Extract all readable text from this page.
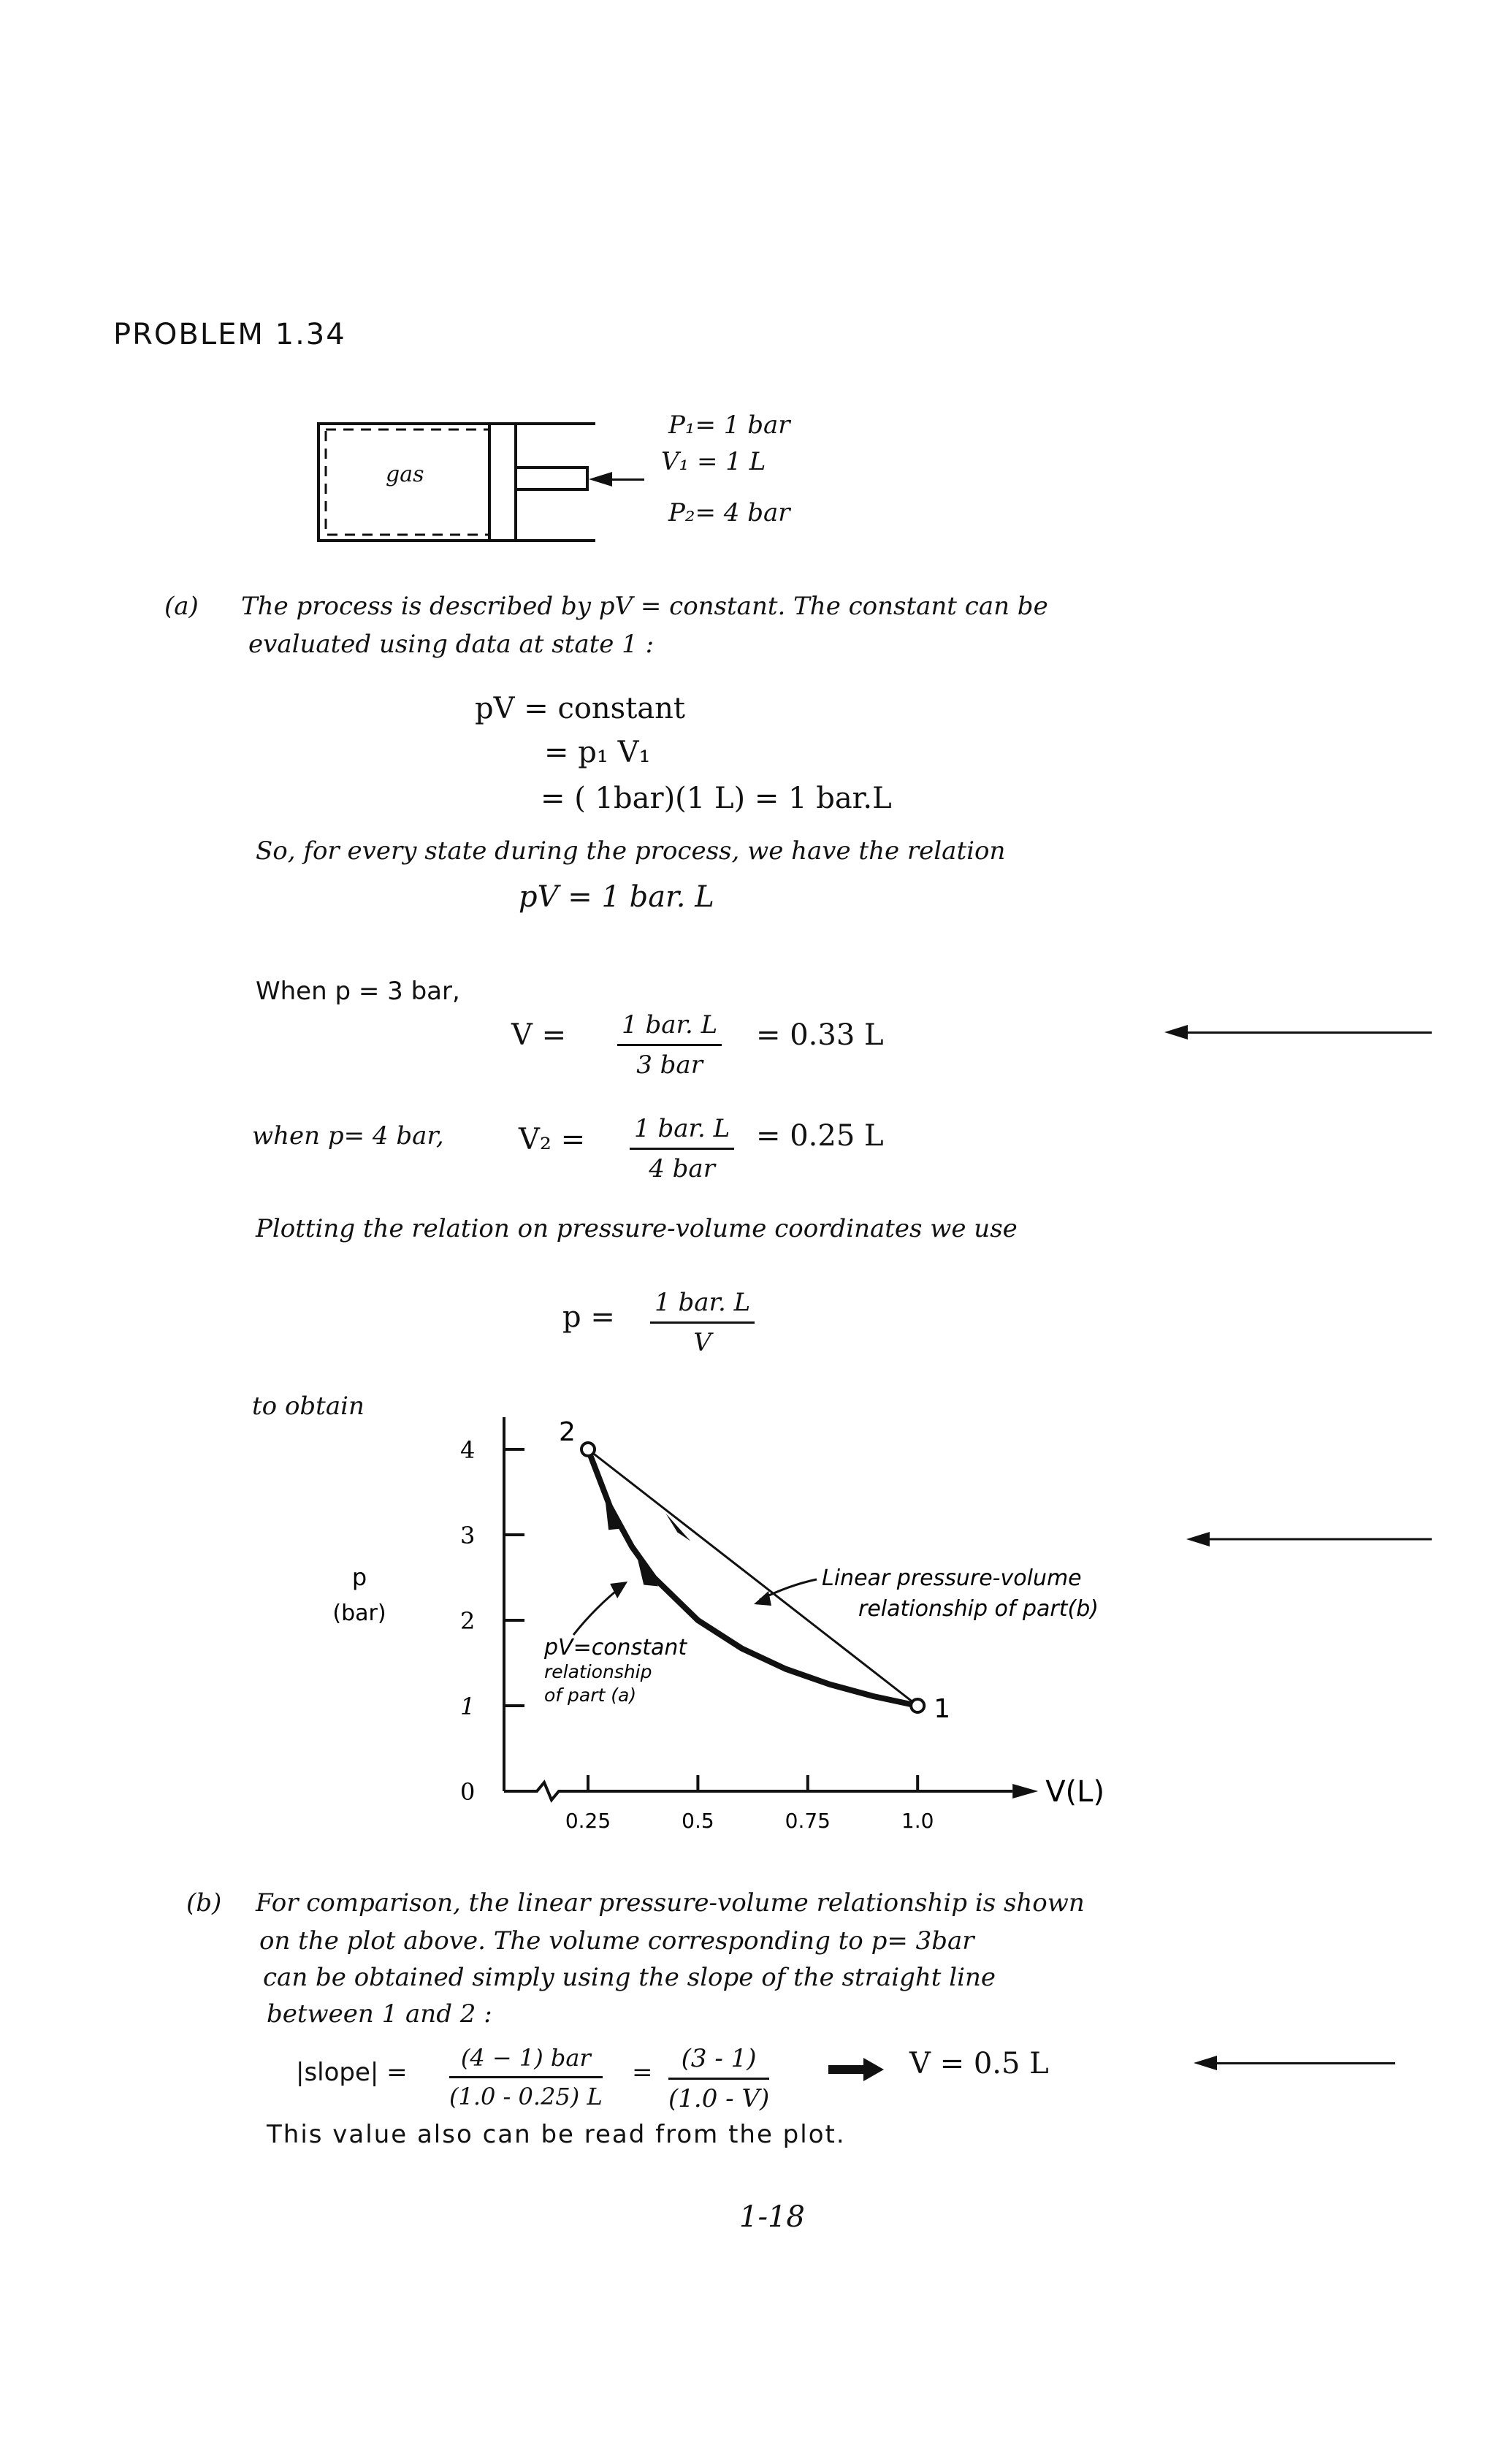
PROBLEM 1.34
gas
P₁= 1 bar
V₁ = 1 L
P₂= 4 bar
(a) The process is described by pV = constant. The constant can be
evaluated using data at state 1 :
pV = constant
= p₁ V₁
= ( 1bar)(1 L) = 1 bar.L
So, for every state during the process, we have the relation
pV = 1 bar. L
When p = 3 bar,
V = 1 bar. L
3 bar
= 0.33 L
when p= 4 bar,	V₂ = 1 bar. L
4 bar
= 0.25 L
Plotting the relation on pressure-volume coordinates we use
p = 1 bar. L
V
to obtain
V(L)
0
1
2
3
4
0.25	0.5	0.75	1.0
p
(bar)
2
1
pV=constant
relationship
of part (a)
Linear pressure-volume
relationship of part(b)
(b) For comparison, the linear pressure-volume relationship is shown
on the plot above. The volume corresponding to p= 3bar
can be obtained simply using the slope of the straight line
between 1 and 2 :
|slope| =	(4 − 1) bar
(1.0 - 0.25) L
= $\frac{(3 - 1)}{(1.0 - V)}$	V = 0.5 L
This value also can be read from the plot.
1-18
